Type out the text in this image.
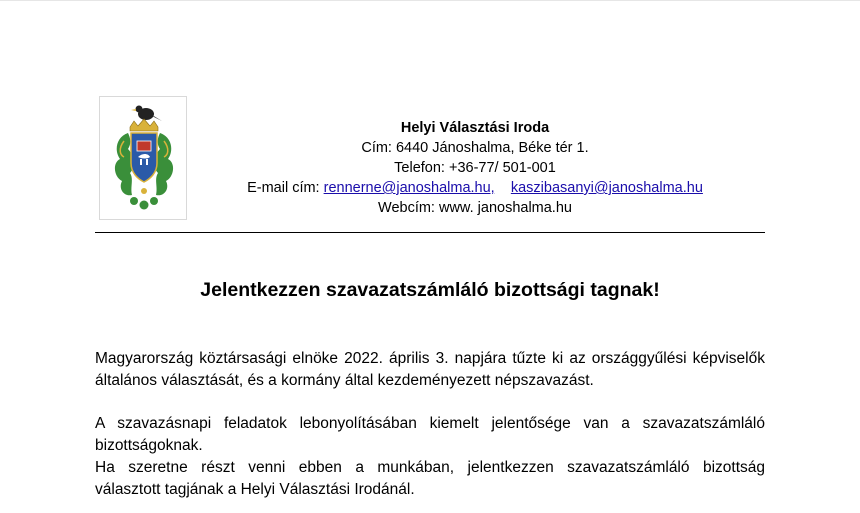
Helyi Választási Iroda
Cím: 6440 Jánoshalma, Béke tér 1.
Telefon: +36-77/ 501-001
E-mail cím: rennerne@janoshalma.hu, kaszibasanyi@janoshalma.hu
Webcím: www. janoshalma.hu
Jelentkezzen szavazatszámláló bizottsági tagnak!
Magyarország köztársasági elnöke 2022. április 3. napjára tűzte ki az országgyűlési képviselők
általános választását, és a kormány által kezdeményezett népszavazást.
A szavazásnapi feladatok lebonyolításában kiemelt jelentősége van a szavazatszámláló
bizottságoknak.
Ha szeretne részt venni ebben a munkában, jelentkezzen szavazatszámláló bizottság
választott tagjának a Helyi Választási Irodánál.
